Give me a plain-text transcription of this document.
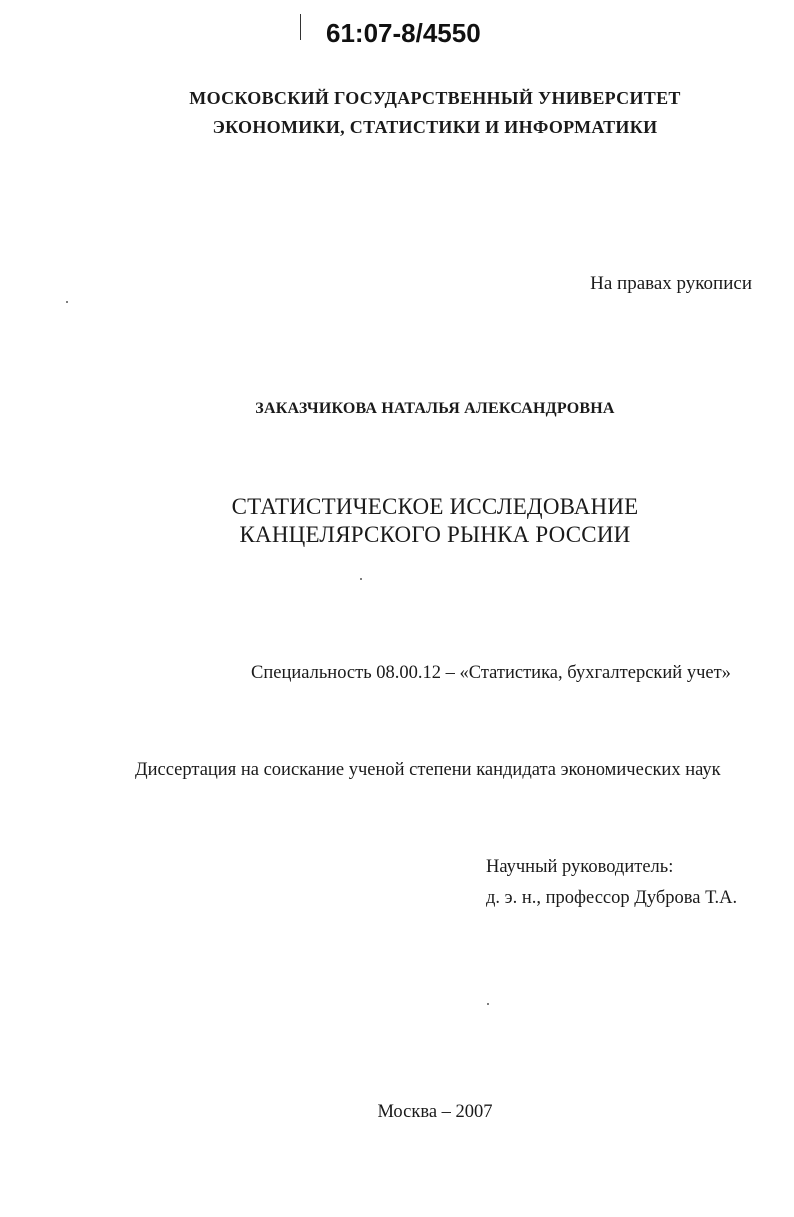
61:07-8/4550
МОСКОВСКИЙ ГОСУДАРСТВЕННЫЙ УНИВЕРСИТЕТ
ЭКОНОМИКИ, СТАТИСТИКИ И ИНФОРМАТИКИ
На правах рукописи
ЗАКАЗЧИКОВА НАТАЛЬЯ АЛЕКСАНДРОВНА
СТАТИСТИЧЕСКОЕ ИССЛЕДОВАНИЕ
КАНЦЕЛЯРСКОГО РЫНКА РОССИИ
Специальность 08.00.12 – «Статистика, бухгалтерский учет»
Диссертация на соискание ученой степени кандидата экономических наук
Научный руководитель:
д. э. н., профессор Дуброва Т.А.
Москва – 2007
